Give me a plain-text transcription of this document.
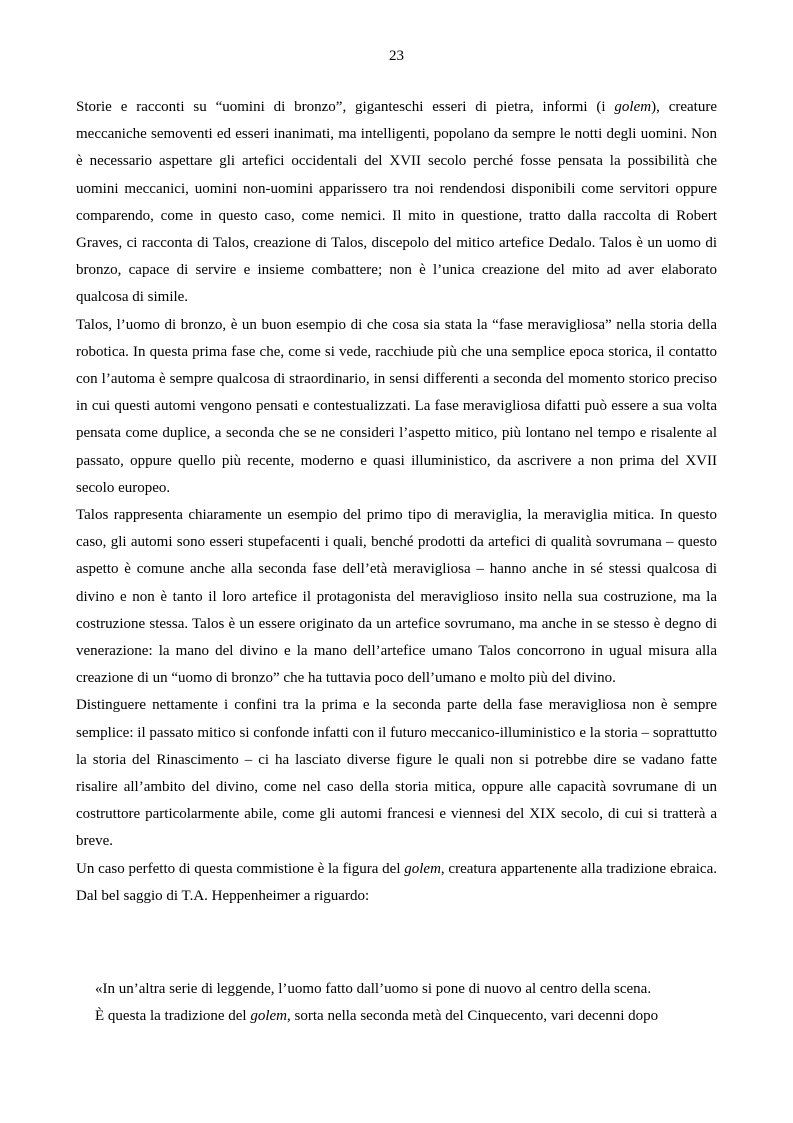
23

Storie e racconti su “uomini di bronzo”, giganteschi esseri di pietra, informi (i golem), creature meccaniche semoventi ed esseri inanimati, ma intelligenti, popolano da sempre le notti degli uomini. Non è necessario aspettare gli artefici occidentali del XVII secolo perché fosse pensata la possibilità che uomini meccanici, uomini non-uomini apparissero tra noi rendendosi disponibili come servitori oppure comparendo, come in questo caso, come nemici. Il mito in questione, tratto dalla raccolta di Robert Graves, ci racconta di Talos, creazione di Talos, discepolo del mitico artefice Dedalo. Talos è un uomo di bronzo, capace di servire e insieme combattere; non è l’unica creazione del mito ad aver elaborato qualcosa di simile.

Talos, l’uomo di bronzo, è un buon esempio di che cosa sia stata la “fase meravigliosa” nella storia della robotica. In questa prima fase che, come si vede, racchiude più che una semplice epoca storica, il contatto con l’automa è sempre qualcosa di straordinario, in sensi differenti a seconda del momento storico preciso in cui questi automi vengono pensati e contestualizzati. La fase meravigliosa difatti può essere a sua volta pensata come duplice, a seconda che se ne consideri l’aspetto mitico, più lontano nel tempo e risalente al passato, oppure quello più recente, moderno e quasi illuministico, da ascrivere a non prima del XVII secolo europeo.

Talos rappresenta chiaramente un esempio del primo tipo di meraviglia, la meraviglia mitica. In questo caso, gli automi sono esseri stupefacenti i quali, benché prodotti da artefici di qualità sovrumana – questo aspetto è comune anche alla seconda fase dell’età meravigliosa – hanno anche in sé stessi qualcosa di divino e non è tanto il loro artefice il protagonista del meraviglioso insito nella sua costruzione, ma la costruzione stessa. Talos è un essere originato da un artefice sovrumano, ma anche in se stesso è degno di venerazione: la mano del divino e la mano dell’artefice umano Talos concorrono in ugual misura alla creazione di un “uomo di bronzo” che ha tuttavia poco dell’umano e molto più del divino.

Distinguere nettamente i confini tra la prima e la seconda parte della fase meravigliosa non è sempre semplice: il passato mitico si confonde infatti con il futuro meccanico-illuministico e la storia – soprattutto la storia del Rinascimento – ci ha lasciato diverse figure le quali non si potrebbe dire se vadano fatte risalire all’ambito del divino, come nel caso della storia mitica, oppure alle capacità sovrumane di un costruttore particolarmente abile, come gli automi francesi e viennesi del XIX secolo, di cui si tratterà a breve.

Un caso perfetto di questa commistione è la figura del golem, creatura appartenente alla tradizione ebraica. Dal bel saggio di T.A. Heppenheimer a riguardo:

«In un’altra serie di leggende, l’uomo fatto dall’uomo si pone di nuovo al centro della scena.

È questa la tradizione del golem, sorta nella seconda metà del Cinquecento, vari decenni dopo
